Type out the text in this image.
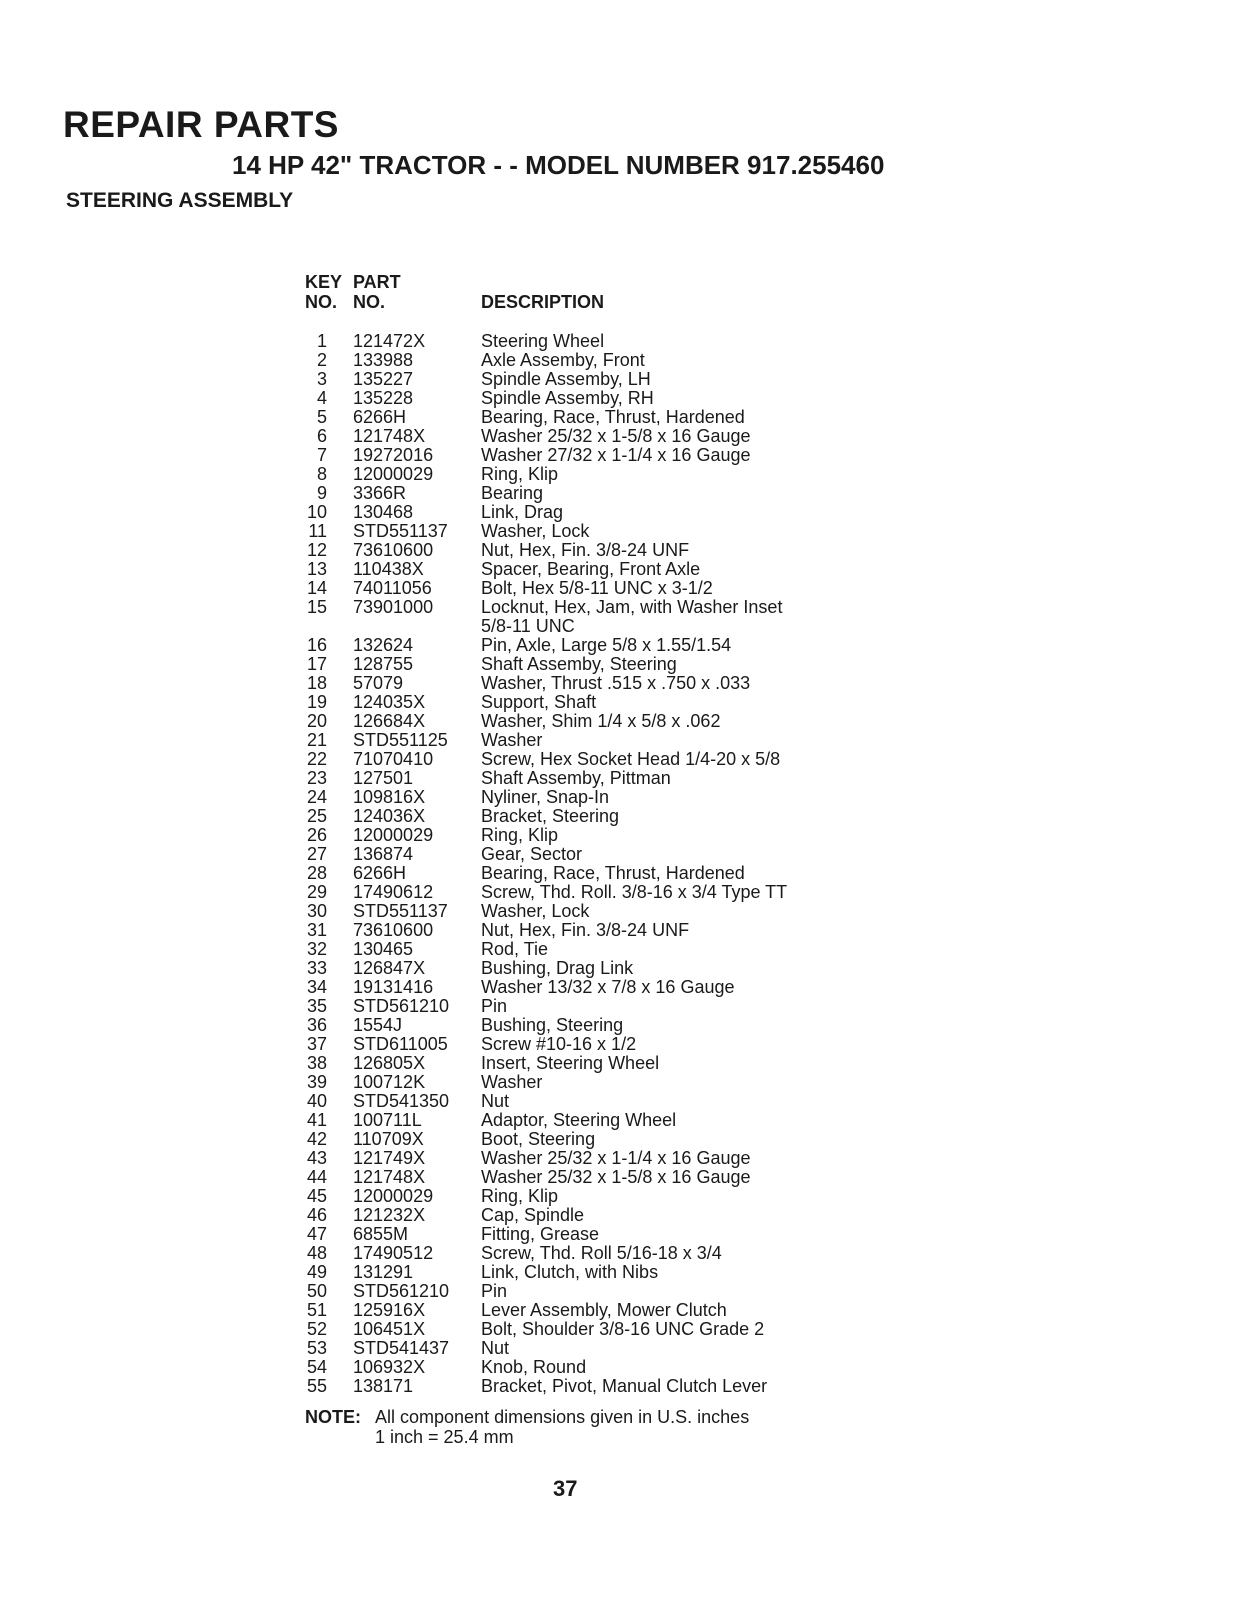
REPAIR PARTS
14 HP 42" TRACTOR - - MODEL NUMBER 917.255460
STEERING ASSEMBLY
KEY
NO.
PART
NO.	DESCRIPTION
1 121472X	Steering Wheel
2 133988	Axle Assemby, Front
3 135227	Spindle Assemby, LH
4 135228	Spindle Assemby, RH
5 6266H	Bearing, Race, Thrust, Hardened
6 121748X	Washer 25/32 x 1-5/8 x 16 Gauge
7 19272016	Washer 27/32 x 1-1/4 x 16 Gauge
8 12000029	Ring, Klip
9 3366R	Bearing
10 130468	Link, Drag
11 STD551137 Washer, Lock
12 73610600	Nut, Hex, Fin. 3/8-24 UNF
13 110438X	Spacer, Bearing, Front Axle
14 74011056	Bolt, Hex 5/8-11 UNC x 3-1/2
15 73901000	Locknut, Hex, Jam, with Washer Inset
5/8-11 UNC
16 132624	Pin, Axle, Large 5/8 x 1.55/1.54
17 128755	Shaft Assemby, Steering
18 57079	Washer, Thrust .515 x .750 x .033
19 124035X	Support, Shaft
20 126684X	Washer, Shim 1/4 x 5/8 x .062
21 STD551125 Washer
22 71070410	Screw, Hex Socket Head 1/4-20 x 5/8
23 127501	Shaft Assemby, Pittman
24 109816X	Nyliner, Snap-In
25 124036X	Bracket, Steering
26 12000029	Ring, Klip
27 136874	Gear, Sector
28 6266H	Bearing, Race, Thrust, Hardened
29 17490612	Screw, Thd. Roll. 3/8-16 x 3/4 Type TT
30 STD551137 Washer, Lock
31 73610600	Nut, Hex, Fin. 3/8-24 UNF
32 130465	Rod, Tie
33 126847X	Bushing, Drag Link
34 19131416	Washer 13/32 x 7/8 x 16 Gauge
35 STD561210 Pin
36 1554J	Bushing, Steering
37 STD611005 Screw #10-16 x 1/2
38 126805X	Insert, Steering Wheel
39 100712K	Washer
40 STD541350 Nut
41 100711L	Adaptor, Steering Wheel
42 110709X	Boot, Steering
43 121749X	Washer 25/32 x 1-1/4 x 16 Gauge
44 121748X	Washer 25/32 x 1-5/8 x 16 Gauge
45 12000029	Ring, Klip
46 121232X	Cap, Spindle
47 6855M	Fitting, Grease
48 17490512	Screw, Thd. Roll 5/16-18 x 3/4
49 131291	Link, Clutch, with Nibs
50 STD561210 Pin
51 125916X	Lever Assembly, Mower Clutch
52 106451X	Bolt, Shoulder 3/8-16 UNC Grade 2
53 STD541437 Nut
54 106932X	Knob, Round
55 138171	Bracket, Pivot, Manual Clutch Lever
NOTE: All component dimensions given in U.S. inches
1 inch = 25.4 mm
37
